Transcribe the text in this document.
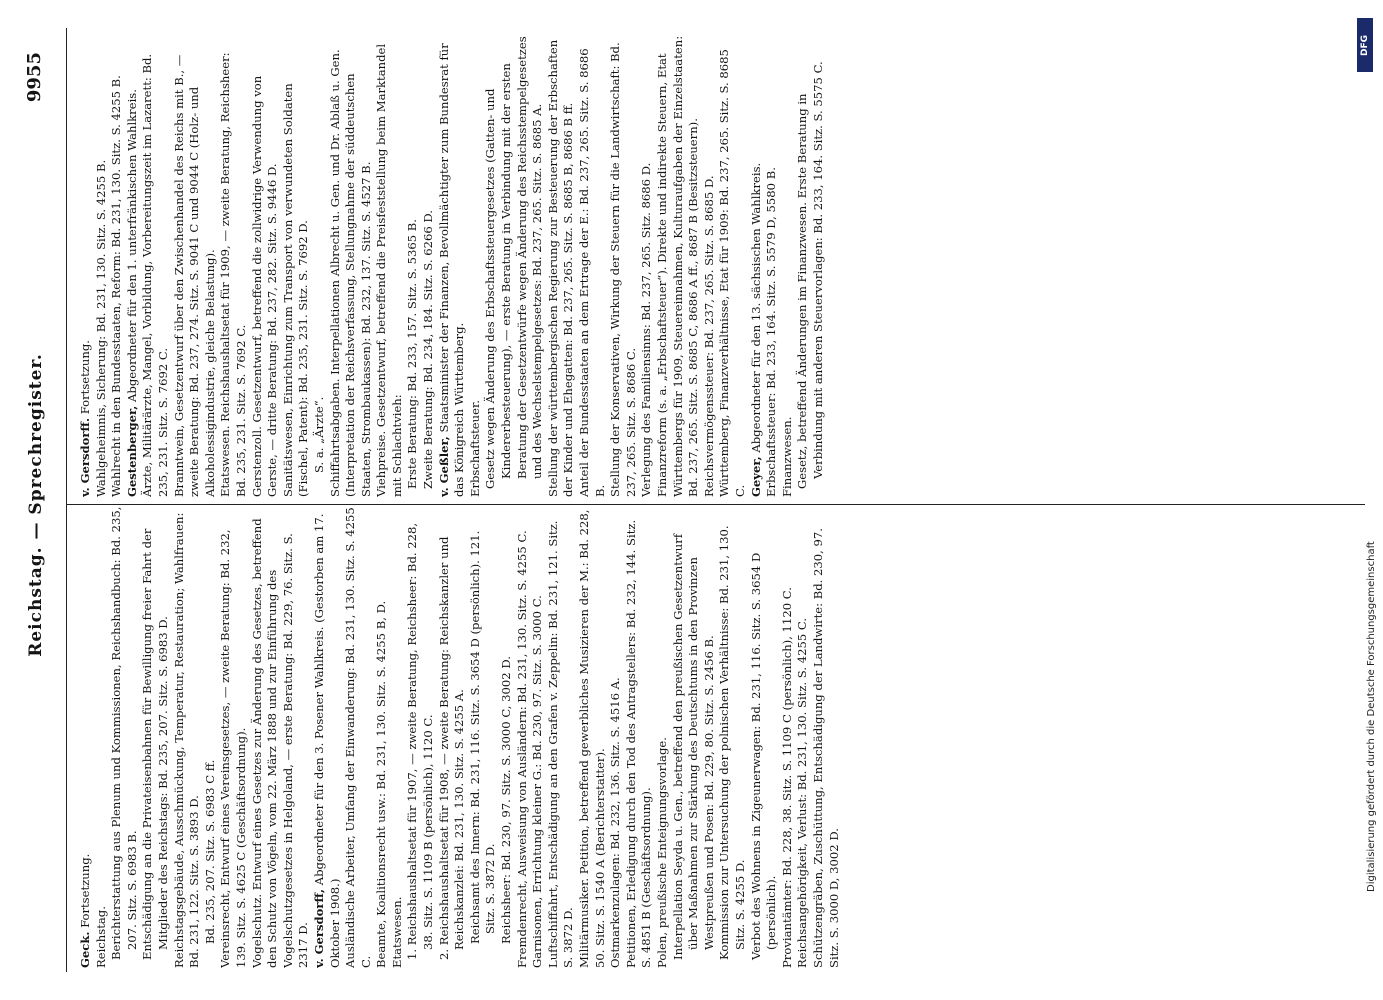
Reichstag. — Sprechregister.
9955

Geck. Fortsetzung.

Reichstag. Berichterstattung aus Plenum und Kommissionen, Reichshandbuch: Bd. 235, 207. Sitz. S. 6983 B. Entschädigung an die Privateisenbahnen für Bewilligung freier Fahrt der Mitglieder des Reichstags: Bd. 235, 207. Sitz. S. 6983 D. Reichstagsgebäude, Ausschmückung, Temperatur, Restauration; Wahlfrauen: Bd. 231, 122. Sitz. S. 3893 D. Bd. 235, 207. Sitz. S. 6983 C ff. Vereinsrecht, Entwurf eines Vereinsgesetzes, — zweite Beratung: Bd. 232, 139. Sitz. S. 4625 C (Geschäftsordnung). Vogelschutz. Entwurf eines Gesetzes zur Änderung des Gesetzes, betreffend den Schutz von Vögeln, vom 22. März 1888 und zur Einführung des Vogelschutzgesetzes in Helgoland, — erste Beratung: Bd. 229, 76. Sitz. S. 2317 D. v. Gersdorff, Abgeordneter für den 3. Posener Wahlkreis. (Gestorben am 17. Oktober 1908.) Ausländische Arbeiter, Umfang der Einwanderung: Bd. 231, 130. Sitz. S. 4255 C. Beamte, Koalitionsrecht usw.: Bd. 231, 130. Sitz. S. 4255 B, D. Etatswesen. 1. Reichshaushaltsetat für 1907, — zweite Beratung, Reichsheer: Bd. 228, 38. Sitz. S. 1109 B (persönlich), 1120 C. 2. Reichshaushaltsetat für 1908, — zweite Beratung: Reichskanzler und Reichskanzlei: Bd. 231, 130. Sitz. S. 4255 A. Reichsamt des Innern: Bd. 231, 116. Sitz. S. 3654 D (persönlich). 121. Sitz. S. 3872 D. Reichsheer: Bd. 230, 97. Sitz. S. 3000 C, 3002 D. Fremdenrecht, Ausweisung von Ausländern: Bd. 231, 130. Sitz. S. 4255 C. Garnisonen, Errichtung kleiner G.: Bd. 230, 97. Sitz. S. 3000 C. Luftschiffahrt, Entschädigung an den Grafen v. Zeppelin: Bd. 231, 121. Sitz. S. 3872 D. Militärmusiker. Petition, betreffend gewerbliches Musizieren der M.: Bd. 228, 50. Sitz. S. 1540 A (Berichterstatter). Ostmarkenzulagen: Bd. 232, 136. Sitz. S. 4516 A. Petitionen, Erledigung durch den Tod des Antragstellers: Bd. 232, 144. Sitz. S. 4851 B (Geschäftsordnung). Polen, preußische Enteignungsvorlage. Interpellation Seyda u. Gen., betreffend den preußischen Gesetzentwurf über Maßnahmen zur Stärkung des Deutschtums in den Provinzen Westpreußen und Posen: Bd. 229, 80. Sitz. S. 2456 B. Kommission zur Untersuchung der polnischen Verhältnisse: Bd. 231, 130. Sitz. S. 4255 D. Verbot des Wohnens in Zigeunerwagen: Bd. 231, 116. Sitz. S. 3654 D (persönlich). Proviantämter: Bd. 228, 38. Sitz. S. 1109 C (persönlich), 1120 C. Reichsangehörigkeit, Verlust: Bd. 231, 130. Sitz. S. 4255 C. Schützengräben, Zuschüttung, Entschädigung der Landwirte: Bd. 230, 97. Sitz. S. 3000 D, 3002 D.

v. Gersdorff. Fortsetzung. Wahlgeheimnis, Sicherung: Bd. 231, 130. Sitz. S. 4255 B. Wahlrecht in den Bundesstaaten, Reform: Bd. 231, 130. Sitz. S. 4255 B. Gestenberger, Abgeordneter für den 1. unterfränkischen Wahlkreis. Ärzte, Militärärzte, Mangel, Vorbildung, Vorbereitungszeit im Lazarett: Bd. 235, 231. Sitz. S. 7692 C. Branntwein, Gesetzentwurf über den Zwischenhandel des Reichs mit B., — zweite Beratung: Bd. 237, 274. Sitz. S. 9041 C und 9044 C (Holz- und Alkoholessigindustrie, gleiche Belastung). Etatswesen. Reichshaushaltsetat für 1909, — zweite Beratung, Reichsheer: Bd. 235, 231. Sitz. S. 7692 C. Gerstenzoll. Gesetzentwurf, betreffend die zollwidrige Verwendung von Gerste, — dritte Beratung: Bd. 237, 282. Sitz. S. 9446 D. Sanitätswesen, Einrichtung zum Transport von verwundeten Soldaten (Fischel, Patent): Bd. 235, 231. Sitz. S. 7692 D. S. a. „Ärzte“. Schiffahrtsabgaben. Interpellationen Albrecht u. Gen. und Dr. Ablaß u. Gen. (Interpretation der Reichsverfassung, Stellungnahme der süddeutschen Staaten, Strombaukassen): Bd. 232, 137. Sitz. S. 4527 B. Viehpreise. Gesetzentwurf, betreffend die Preisfeststellung beim Marktandel mit Schlachtvieh: Erste Beratung: Bd. 233, 157. Sitz. S. 5365 B. Zweite Beratung: Bd. 234, 184. Sitz. S. 6266 D. v. Geßler, Staatsminister der Finanzen, Bevollmächtigter zum Bundesrat für das Königreich Württemberg. Erbschaftsteuer. Gesetz wegen Änderung des Erbschaftssteuergesetzes (Gatten- und Kindererbesteuerung), — erste Beratung in Verbindung mit der ersten Beratung der Gesetzentwürfe wegen Änderung des Reichsstempelgesetzes und des Wechselstempelgesetzes: Bd. 237, 265. Sitz. S. 8685 A. Stellung der württembergischen Regierung zur Besteuerung der Erbschaften der Kinder und Ehegatten: Bd. 237, 265. Sitz. S. 8685 B, 8686 B ff. Anteil der Bundesstaaten an dem Ertrage der E.: Bd. 237, 265. Sitz. S. 8686 B. Stellung der Konservativen, Wirkung der Steuern für die Landwirtschaft: Bd. 237, 265. Sitz. S. 8686 C. Verlegung des Familiensinns: Bd. 237, 265. Sitz. 8686 D. Finanzreform (s. a. „Erbschaftsteuer“). Direkte und indirekte Steuern, Etat Württembergs für 1909, Steuereinnahmen, Kulturaufgaben der Einzelstaaten: Bd. 237, 265. Sitz. S. 8685 C, 8686 A ff., 8687 B (Besitzsteuern). Reichsvermögenssteuer: Bd. 237, 265. Sitz. S. 8685 D. Württemberg, Finanzverhältnisse, Etat für 1909: Bd. 237, 265. Sitz. S. 8685 C. Geyer, Abgeordneter für den 13. sächsischen Wahlkreis. Erbschaftssteuer: Bd. 233, 164. Sitz. S. 5579 D, 5580 B. Finanzwesen. Gesetz, betreffend Änderungen im Finanzwesen. Erste Beratung in Verbindung mit anderen Steuervorlagen: Bd. 233, 164. Sitz. S. 5575 C.

DFG
Digitalisierung gefördert durch die Deutsche Forschungsgemeinschaft
